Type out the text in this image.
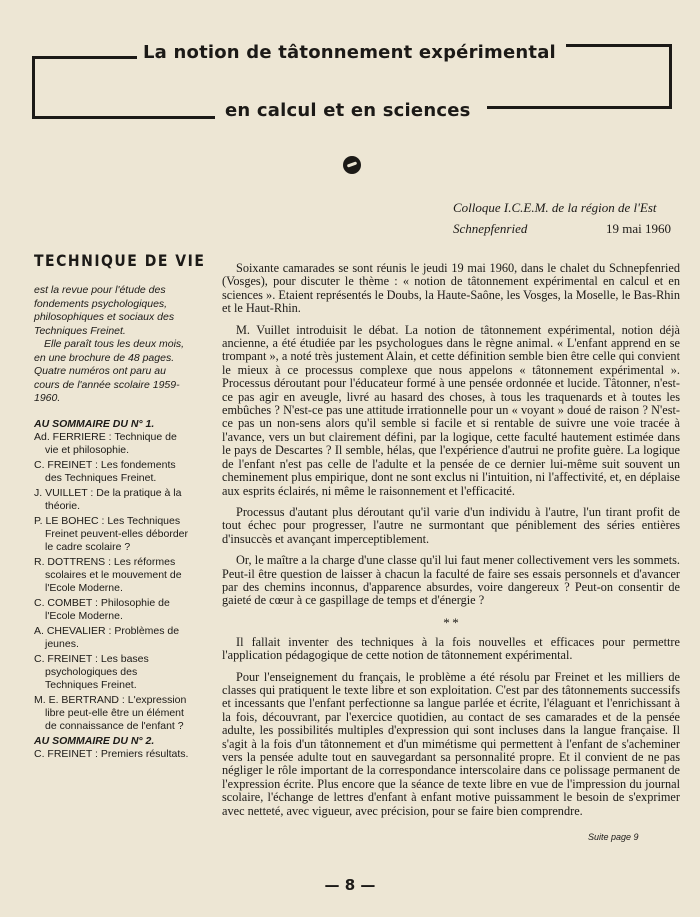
La notion de tâtonnement expérimental
en calcul et en sciences
Colloque I.C.E.M. de la région de l'Est
Schnepfenried	19 mai 1960
TECHNIQUE DE VIE
est la revue pour l'étude des fondements psychologiques, philosophiques et sociaux des Techniques Freinet.
Elle paraît tous les deux mois, en une brochure de 48 pages. Quatre numéros ont paru au cours de l'année scolaire 1959-1960.
AU SOMMAIRE DU N° 1.
Ad. FERRIERE : Technique de vie et philosophie.
C. FREINET : Les fondements des Techniques Freinet.
J. VUILLET : De la pratique à la théorie.
P. LE BOHEC : Les Techniques Freinet peuvent-elles déborder le cadre scolaire ?
R. DOTTRENS : Les réformes scolaires et le mouvement de l'Ecole Moderne.
C. COMBET : Philosophie de l'Ecole Moderne.
A. CHEVALIER : Problèmes de jeunes.
C. FREINET : Les bases psychologiques des Techniques Freinet.
M. E. BERTRAND : L'expression libre peut-elle être un élément de connaissance de l'enfant ?
AU SOMMAIRE DU N° 2.
C. FREINET : Premiers résultats.

Soixante camarades se sont réunis le jeudi 19 mai 1960, dans le chalet du Schnepfenried (Vosges), pour discuter le thème : « notion de tâtonnement expérimental en calcul et en sciences ». Etaient représentés le Doubs, la Haute-Saône, les Vosges, la Moselle, le Bas-Rhin et le Haut-Rhin.

M. Vuillet introduisit le débat. La notion de tâtonnement expérimental, notion déjà ancienne, a été étudiée par les psychologues dans le règne animal. « L'enfant apprend en se trompant », a noté très justement Alain, et cette définition semble bien être celle qui convient le mieux à ce processus complexe que nous appelons « tâtonnement expérimental ». Processus déroutant pour l'éducateur formé à une pensée ordonnée et lucide. Tâtonner, n'est-ce pas agir en aveugle, livré au hasard des choses, à tous les traquenards et à toutes les embûches ? N'est-ce pas une attitude irrationnelle pour un « voyant » doué de raison ? N'est-ce pas un non-sens alors qu'il semble si facile et si rentable de suivre une voie tracée à l'avance, vers un but clairement défini, par la logique, cette faculté hautement estimée dans le pays de Descartes ? Il semble, hélas, que l'expérience d'autrui ne profite guère. La logique de l'enfant n'est pas celle de l'adulte et la pensée de ce dernier lui-même suit souvent un cheminement plus empirique, dont ne sont exclus ni l'intuition, ni l'affectivité, et, en déplaise aux esprits éclairés, ni même le raisonnement et l'efficacité.

Processus d'autant plus déroutant qu'il varie d'un individu à l'autre, l'un tirant profit de tout échec pour progresser, l'autre ne surmontant que péniblement des séries entières d'insuccès et avançant imperceptiblement.

Or, le maître a la charge d'une classe qu'il lui faut mener collectivement vers les sommets. Peut-il être question de laisser à chacun la faculté de faire ses essais personnels et d'avancer par des chemins inconnus, d'apparence absurdes, voire dangereux ? Peut-on consentir de gaieté de cœur à ce gaspillage de temps et d'énergie ?

* *

Il fallait inventer des techniques à la fois nouvelles et efficaces pour permettre l'application pédagogique de cette notion de tâtonnement expérimental.

Pour l'enseignement du français, le problème a été résolu par Freinet et les milliers de classes qui pratiquent le texte libre et son exploitation. C'est par des tâtonnements successifs et incessants que l'enfant perfectionne sa langue parlée et écrite, l'élaguant et l'enrichissant à la fois, découvrant, par l'exercice quotidien, au contact de ses camarades et de la pensée adulte, les possibilités multiples d'expression qui sont incluses dans la langue française. Il s'agit à la fois d'un tâtonnement et d'un mimétisme qui permettent à l'enfant de s'acheminer vers la pensée adulte tout en sauvegardant sa personnalité propre. Et il convient de ne pas négliger le rôle important de la correspondance interscolaire dans ce polissage permanent de l'expression écrite. Plus encore que la séance de texte libre en vue de l'impression du journal scolaire, l'échange de lettres d'enfant à enfant motive puissamment le besoin de s'exprimer avec netteté, avec vigueur, avec précision, pour se faire bien comprendre.

Suite page 9
— 8 —
